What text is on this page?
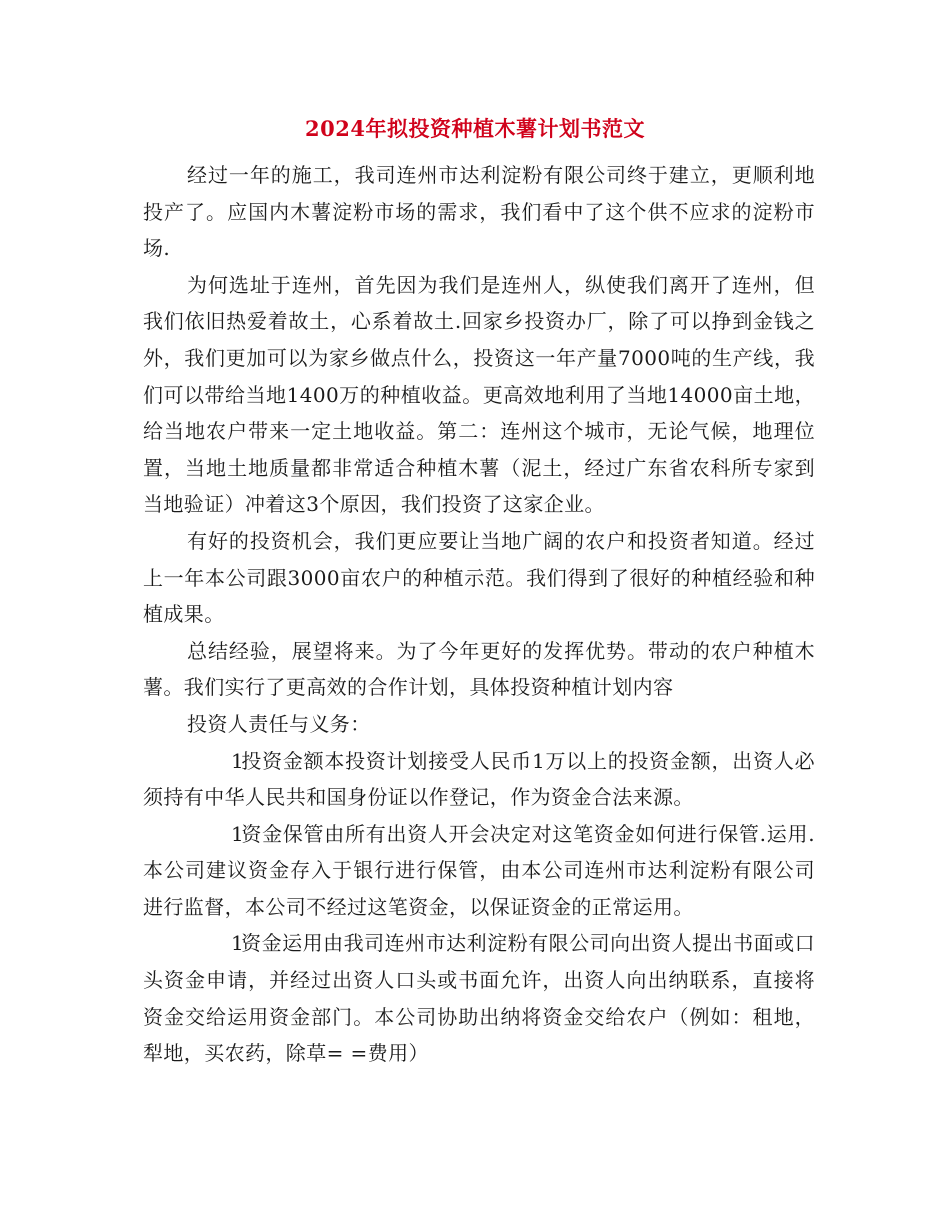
2024年拟投资种植木薯计划书范文

经过一年的施工，我司连州市达利淀粉有限公司终于建立，更顺利地投产了。应国内木薯淀粉市场的需求，我们看中了这个供不应求的淀粉市场.

为何选址于连州，首先因为我们是连州人，纵使我们离开了连州，但我们依旧热爱着故土，心系着故土.回家乡投资办厂，除了可以挣到金钱之外，我们更加可以为家乡做点什么，投资这一年产量7000吨的生产线，我们可以带给当地1400万的种植收益。更高效地利用了当地14000亩土地，给当地农户带来一定土地收益。第二：连州这个城市，无论气候，地理位置，当地土地质量都非常适合种植木薯（泥土，经过广东省农科所专家到当地验证）冲着这3个原因，我们投资了这家企业。

有好的投资机会，我们更应要让当地广阔的农户和投资者知道。经过上一年本公司跟3000亩农户的种植示范。我们得到了很好的种植经验和种植成果。

总结经验，展望将来。为了今年更好的发挥优势。带动的农户种植木薯。我们实行了更高效的合作计划，具体投资种植计划内容

投资人责任与义务：

1投资金额本投资计划接受人民币1万以上的投资金额，出资人必须持有中华人民共和国身份证以作登记，作为资金合法来源。

1资金保管由所有出资人开会决定对这笔资金如何进行保管.运用.本公司建议资金存入于银行进行保管，由本公司连州市达利淀粉有限公司进行监督，本公司不经过这笔资金，以保证资金的正常运用。

1资金运用由我司连州市达利淀粉有限公司向出资人提出书面或口头资金申请，并经过出资人口头或书面允许，出资人向出纳联系，直接将资金交给运用资金部门。本公司协助出纳将资金交给农户（例如：租地，犁地，买农药，除草= =费用）
